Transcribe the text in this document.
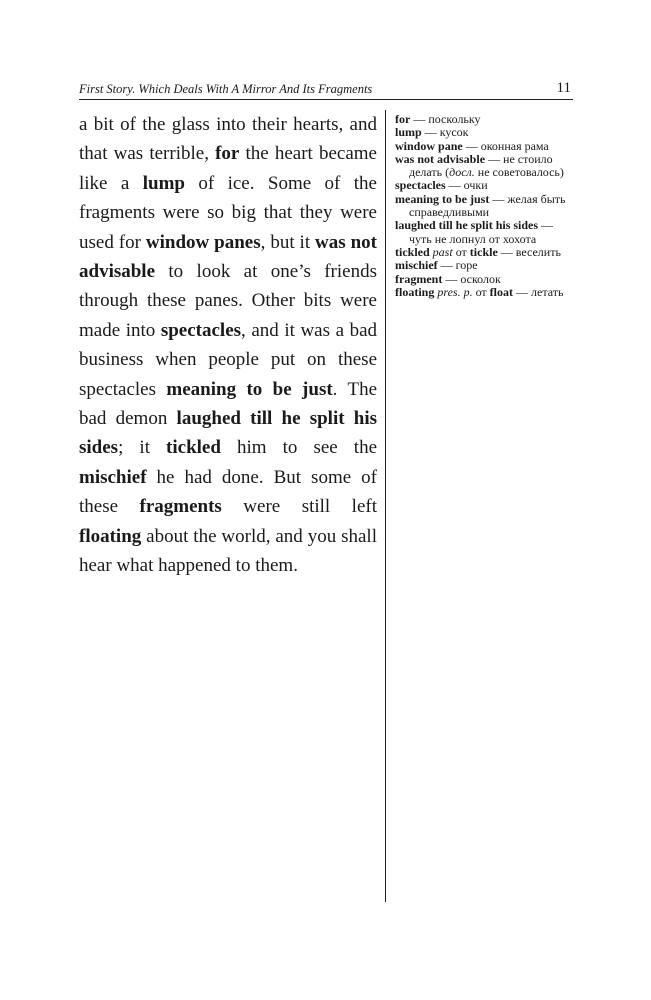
First Story. Which Deals With A Mirror And Its Fragments	11
a bit of the glass into their hearts, and that was terrible, for the heart became like a lump of ice. Some of the fragments were so big that they were used for window panes, but it was not advisable to look at one’s friends through these panes. Other bits were made into spectacles, and it was a bad business when people put on these spectacles meaning to be just. The bad demon laughed till he split his sides; it tickled him to see the mischief he had done. But some of these fragments were still left floating about the world, and you shall hear what happened to them.

for — поскольку

lump — кусок

window pane — оконная рама

was not advisable — не стоило делать (досл. не советовалось)

spectacles — очки

meaning to be just — желая быть справедливыми

laughed till he split his sides — чуть не лопнул от хохота

tickled past от tickle — веселить

mischief — горе

fragment — осколок

floating pres. p. от float — летать
